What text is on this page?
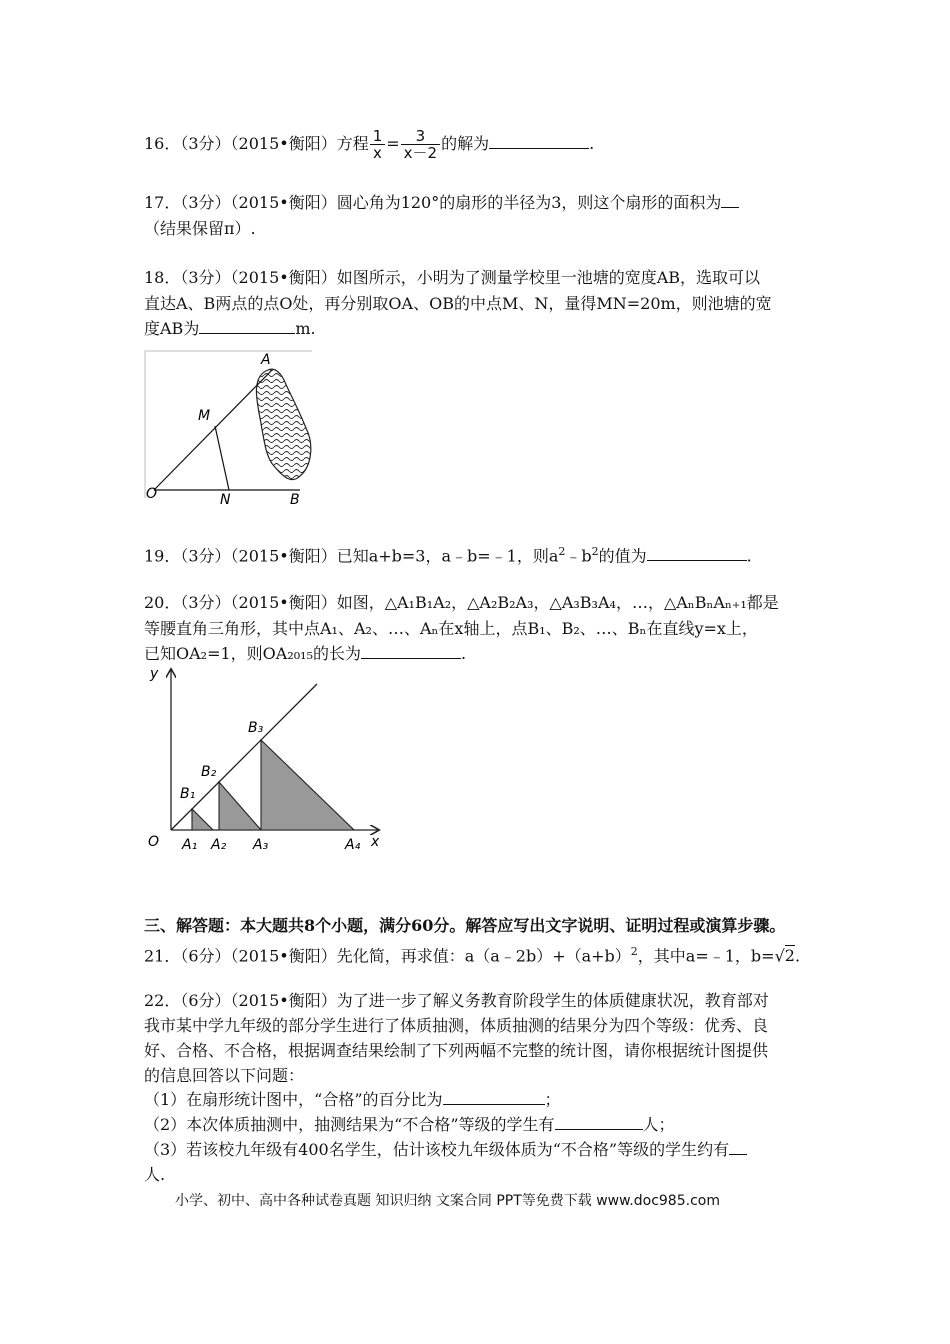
16．（3分）（2015•衡阳）方程 $\frac{1}{x} = \frac{3}{x-2}$ 的解为	.
17．（3分）（2015•衡阳）圆心角为120°的扇形的半径为3，则这个扇形的面积为
（结果保留π）.
18．（3分）（2015•衡阳）如图所示，小明为了测量学校里一池塘的宽度AB，选取可以
直达A、B两点的点O处，再分别取OA、OB的中点M、N，量得MN=20m，则池塘的宽
度AB为	m.
A
M
O	N	B
19．（3分）（2015•衡阳）已知a+b=3，a﹣b=﹣1，则$a^2﹣b^2$的值为	.
20．（3分）（2015•衡阳）如图，△A₁B₁A₂，△A₂B₂A₃，△A₃B₃A₄，…，△AₙBₙAₙ₊₁都是
等腰直角三角形，其中点A₁、A₂、…、Aₙ在x轴上，点B₁、B₂、…、Bₙ在直线y=x上，
已知OA₂=1，则OA₂₀₁₅的长为	.
y
x
O
B₁
B₂
B₃
A₁ A₂ A₃	A₄
三、解答题：本大题共8个小题，满分60分。解答应写出文字说明、证明过程或演算步骤。
21．（6分）（2015•衡阳）先化简，再求值：$a(a﹣2b)+(a+b)^2$，其中a=﹣1，b=√2.
22．（6分）（2015•衡阳）为了进一步了解义务教育阶段学生的体质健康状况，教育部对
我市某中学九年级的部分学生进行了体质抽测，体质抽测的结果分为四个等级：优秀、良
好、合格、不合格，根据调查结果绘制了下列两幅不完整的统计图，请你根据统计图提供
的信息回答以下问题：
（1）在扇形统计图中，“合格”的百分比为	；
（2）本次体质抽测中，抽测结果为“不合格”等级的学生有	人；
（3）若该校九年级有400名学生，估计该校九年级体质为“不合格”等级的学生约有
人.
小学、初中、高中各种试卷真题 知识归纳 文案合同 PPT等免费下载 www.doc985.com
